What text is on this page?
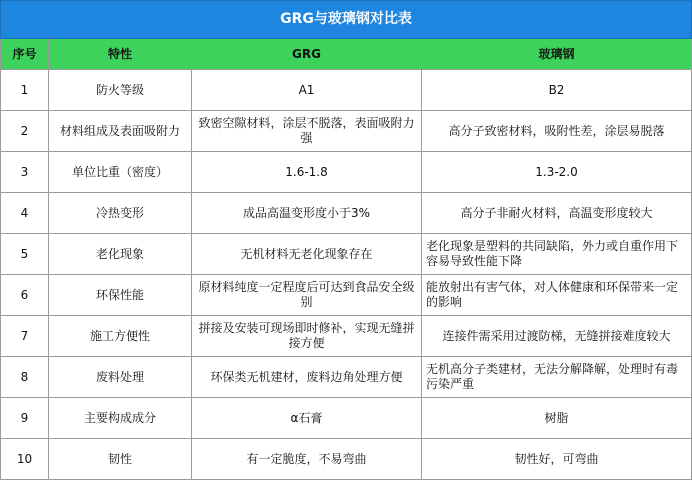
GRG与玻璃钢对比表			
序号	特性	GRG	玻璃钢
1	防火等级	A1	B2
2	材料组成及表面吸附力	致密空隙材料，涂层不脱落，表面吸附力强	高分子致密材料，吸附性差，涂层易脱落
3	单位比重（密度）	1.6-1.8	1.3-2.0
4	冷热变形	成品高温变形度小于3%	高分子非耐火材料，高温变形度较大
5	老化现象	无机材料无老化现象存在	老化现象是塑料的共同缺陷，外力或自重作用下容易导致性能下降
6	环保性能	原材料纯度一定程度后可达到食品安全级别	能放射出有害气体，对人体健康和环保带来一定的影响
7	施工方便性	拼接及安装可现场即时修补，实现无缝拼接方便	连接件需采用过渡防梯，无缝拼接难度较大
8	废料处理	环保类无机建材，废料边角处理方便	无机高分子类建材，无法分解降解，处理时有毒污染严重
9	主要构成成分	α石膏	树脂
10	韧性	有一定脆度，不易弯曲	韧性好，可弯曲
